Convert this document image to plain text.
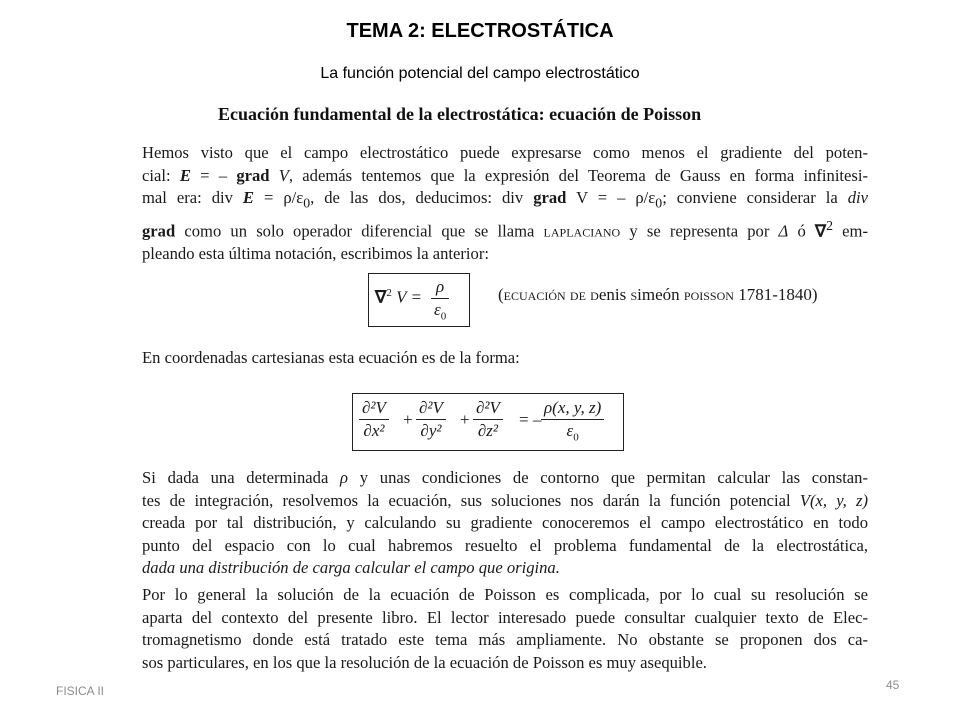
TEMA 2: ELECTROSTÁTICA
La función potencial del campo electrostático
Ecuación fundamental de la electrostática: ecuación de Poisson
Hemos visto que el campo electrostático puede expresarse como menos el gradiente del poten-
cial: E = – grad V, además tentemos que la expresión del Teorema de Gauss en forma infinitesi-
mal era: div $E = \rho/\varepsilon_0$, de las dos, deducimos: div grad V = – $\rho/\varepsilon_0$; conviene considerar la div
grad como un solo operador diferencial que se llama laplaciano y se representa por Δ ó ∇$^2$ em-
pleando esta última notación, escribimos la anterior:
∇$^2$ $V = \frac{\rho}{\varepsilon_0}$	(ecuación de denis simeón poisson 1781-1840)
En coordenadas cartesianas esta ecuación es de la forma:
$\frac{\text{∂²V}}{\text{∂x²}} + \frac{\text{∂²V}}{\text{∂y²}} + \frac{\text{∂²V}}{\text{∂z²}}$ = – $\frac{\rho(x, y, z)}{\varepsilon_0}$
Si dada una determinada ρ y unas condiciones de contorno que permitan calcular las constan-
tes de integración, resolvemos la ecuación, sus soluciones nos darán la función potencial V(x, y, z)
creada por tal distribución, y calculando su gradiente conoceremos el campo electrostático en todo
punto del espacio con lo cual habremos resuelto el problema fundamental de la electrostática,
dada una distribución de carga calcular el campo que origina.
Por lo general la solución de la ecuación de Poisson es complicada, por lo cual su resolución se
aparta del contexto del presente libro. El lector interesado puede consultar cualquier texto de Elec-
tromagnetismo donde está tratado este tema más ampliamente. No obstante se proponen dos ca-
sos particulares, en los que la resolución de la ecuación de Poisson es muy asequible.
FISICA II	45
